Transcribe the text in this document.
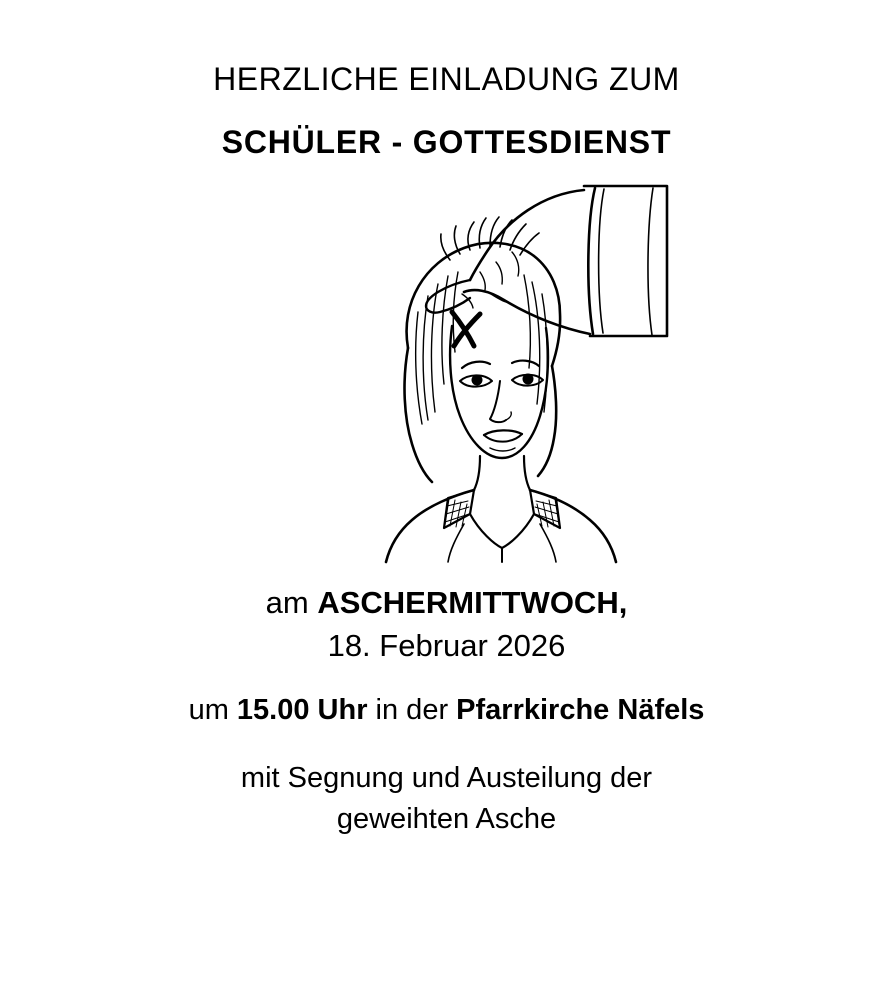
HERZLICHE EINLADUNG ZUM
SCHÜLER - GOTTESDIENST
am ASCHERMITTWOCH,
18. Februar 2026
um 15.00 Uhr in der Pfarrkirche Näfels
mit Segnung und Austeilung der
geweihten Asche
